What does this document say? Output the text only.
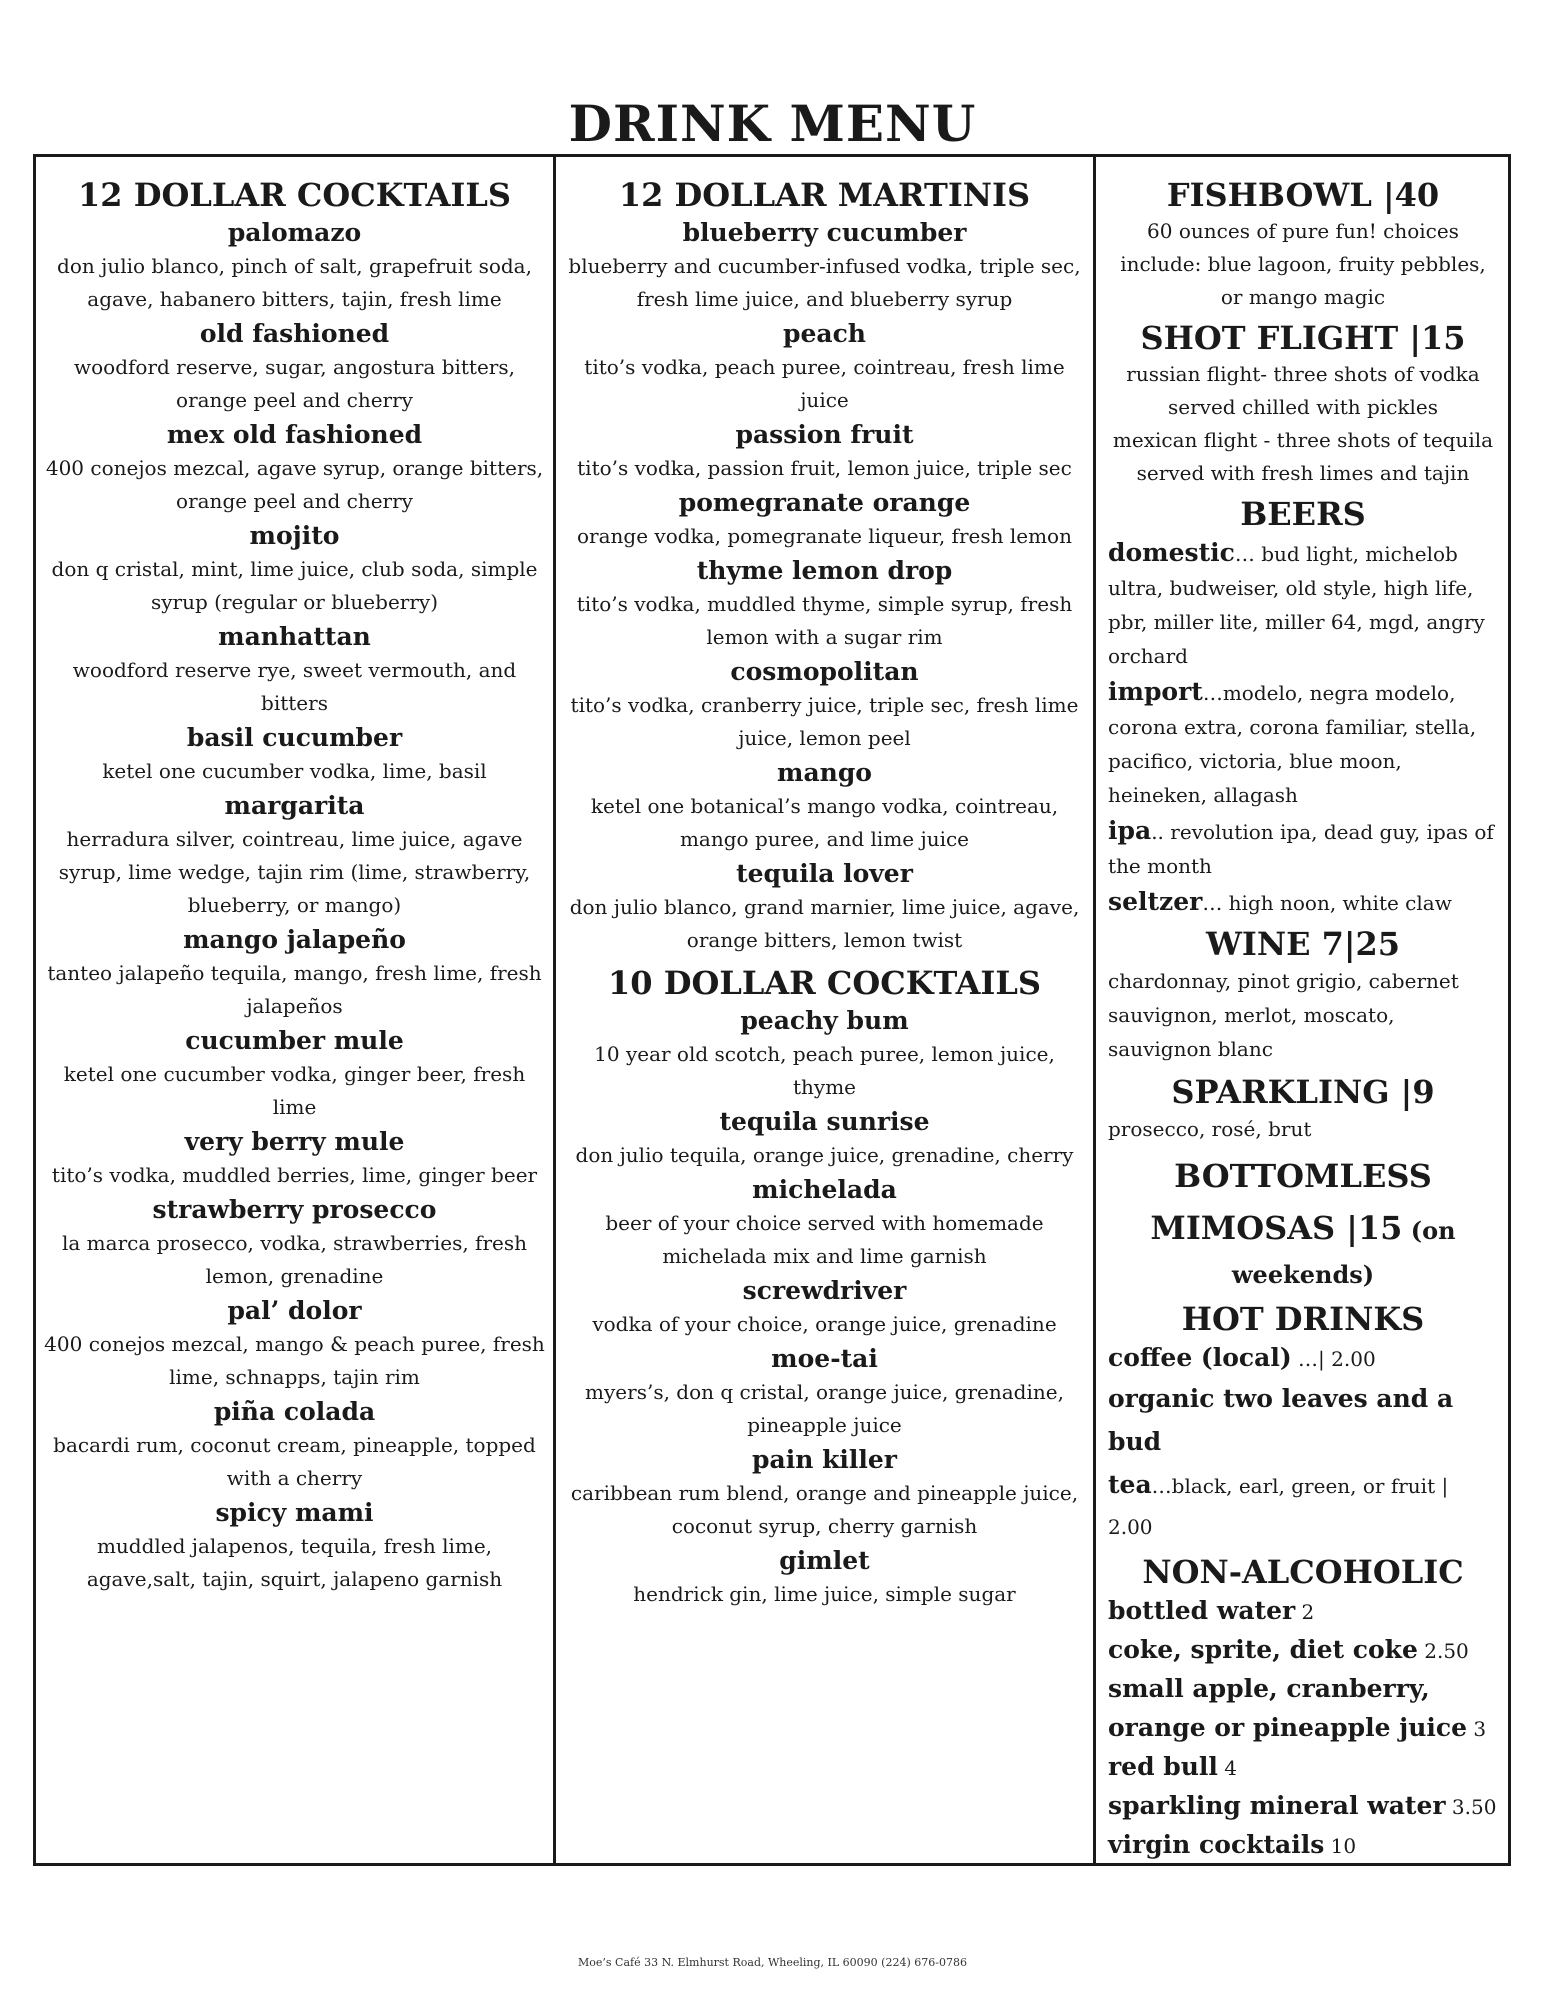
DRINK MENU
12 DOLLAR COCKTAILS
palomazo
don julio blanco, pinch of salt, grapefruit soda, agave, habanero bitters, tajin, fresh lime
old fashioned
woodford reserve, sugar, angostura bitters, orange peel and cherry
mex old fashioned
400 conejos mezcal, agave syrup, orange bitters, orange peel and cherry
mojito
don q cristal, mint, lime juice, club soda, simple syrup (regular or blueberry)
manhattan
woodford reserve rye, sweet vermouth, and bitters
basil cucumber
ketel one cucumber vodka, lime, basil
margarita
herradura silver, cointreau, lime juice, agave syrup, lime wedge, tajin rim (lime, strawberry, blueberry, or mango)
mango jalapeño
tanteo jalapeño tequila, mango, fresh lime, fresh jalapeños
cucumber mule
ketel one cucumber vodka, ginger beer, fresh lime
very berry mule
tito’s vodka, muddled berries, lime, ginger beer
strawberry prosecco
la marca prosecco, vodka, strawberries, fresh lemon, grenadine
pal’ dolor
400 conejos mezcal, mango & peach puree, fresh lime, schnapps, tajin rim
piña colada
bacardi rum, coconut cream, pineapple, topped with a cherry
spicy mami
muddled jalapenos, tequila, fresh lime, agave,salt, tajin, squirt, jalapeno garnish
12 DOLLAR MARTINIS
blueberry cucumber
blueberry and cucumber-infused vodka, triple sec, fresh lime juice, and blueberry syrup
peach
tito’s vodka, peach puree, cointreau, fresh lime juice
passion fruit
tito’s vodka, passion fruit, lemon juice, triple sec
pomegranate orange
orange vodka, pomegranate liqueur, fresh lemon
thyme lemon drop
tito’s vodka, muddled thyme, simple syrup, fresh lemon with a sugar rim
cosmopolitan
tito’s vodka, cranberry juice, triple sec, fresh lime juice, lemon peel
mango
ketel one botanical’s mango vodka, cointreau, mango puree, and lime juice
tequila lover
don julio blanco, grand marnier, lime juice, agave, orange bitters, lemon twist
10 DOLLAR COCKTAILS
peachy bum
10 year old scotch, peach puree, lemon juice, thyme
tequila sunrise
don julio tequila, orange juice, grenadine, cherry
michelada
beer of your choice served with homemade michelada mix and lime garnish
screwdriver
vodka of your choice, orange juice, grenadine
moe-tai
myers’s, don q cristal, orange juice, grenadine, pineapple juice
pain killer
caribbean rum blend, orange and pineapple juice, coconut syrup, cherry garnish
gimlet
hendrick gin, lime juice, simple sugar
FISHBOWL |40

60 ounces of pure fun! choices include: blue lagoon, fruity pebbles, or mango magic

SHOT FLIGHT |15

russian flight- three shots of vodka served chilled with pickles

mexican flight - three shots of tequila served with fresh limes and tajin

BEERS

domestic… bud light, michelob ultra, budweiser, old style, high life, pbr, miller lite, miller 64, mgd, angry orchard

import…modelo, negra modelo, corona extra, corona familiar, stella, pacifico, victoria, blue moon, heineken, allagash

ipa.. revolution ipa, dead guy, ipas of the month

seltzer… high noon, white claw

WINE 7|25

chardonnay, pinot grigio, cabernet sauvignon, merlot, moscato, sauvignon blanc

SPARKLING |9

prosecco, rosé, brut

BOTTOMLESS
MIMOSAS |15 (on
weekends)
HOT DRINKS

coffee (local) …| 2.00

organic two leaves and a bud
tea…black, earl, green, or fruit | 2.00

NON-ALCOHOLIC

bottled water 2

coke, sprite, diet coke 2.50

small apple, cranberry, orange or pineapple juice 3

red bull 4

sparkling mineral water 3.50

virgin cocktails 10

Moe’s Café 33 N. Elmhurst Road, Wheeling, IL 60090 (224) 676-0786
